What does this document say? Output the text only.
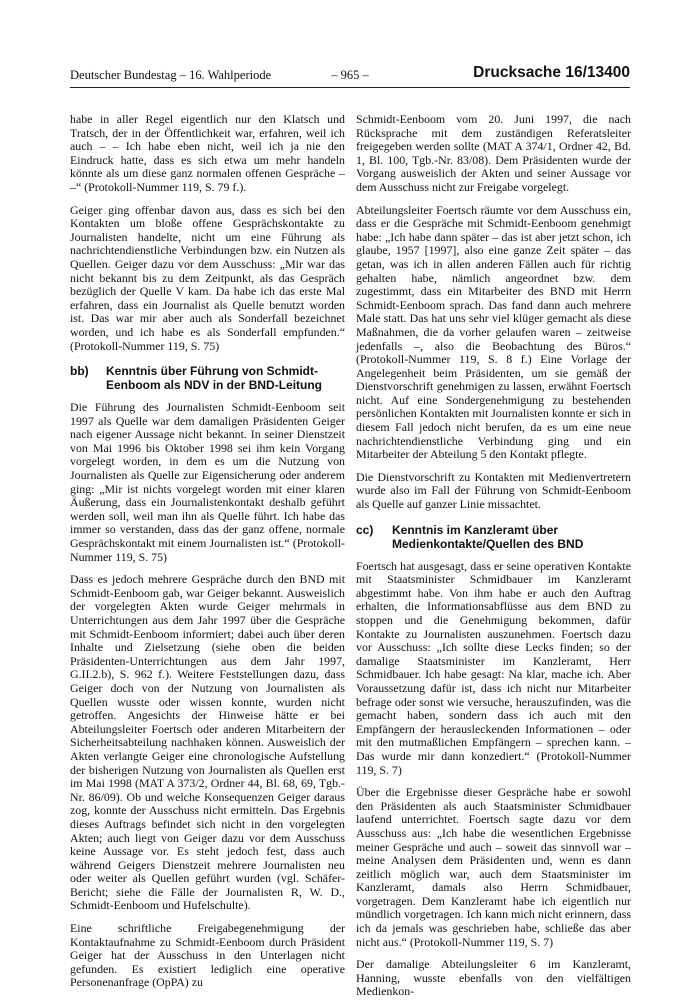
Deutscher Bundestag – 16. Wahlperiode	– 965 –	Drucksache 16/13400

habe in aller Regel eigentlich nur den Klatsch und Tratsch, der in der Öffentlichkeit war, erfahren, weil ich auch – – Ich habe eben nicht, weil ich ja nie den Eindruck hatte, dass es sich etwa um mehr handeln könnte als um diese ganz normalen offenen Gespräche – –“ (Protokoll-Nummer 119, S. 79 f.).

Geiger ging offenbar davon aus, dass es sich bei den Kontakten um bloße offene Gesprächskontakte zu Journalisten handelte, nicht um eine Führung als nachrichtendienstliche Verbindungen bzw. ein Nutzen als Quellen. Geiger dazu vor dem Ausschuss: „Mir war das nicht bekannt bis zu dem Zeitpunkt, als das Gespräch bezüglich der Quelle V kam. Da habe ich das erste Mal erfahren, dass ein Journalist als Quelle benutzt worden ist. Das war mir aber auch als Sonderfall bezeichnet worden, und ich habe es als Sonderfall empfunden.“ (Protokoll-Nummer 119, S. 75)

bb)	Kenntnis über Führung von Schmidt-Eenboom als NDV in der BND-Leitung

Die Führung des Journalisten Schmidt-Eenboom seit 1997 als Quelle war dem damaligen Präsidenten Geiger nach eigener Aussage nicht bekannt. In seiner Dienstzeit von Mai 1996 bis Oktober 1998 sei ihm kein Vorgang vorgelegt worden, in dem es um die Nutzung von Journalisten als Quelle zur Eigensicherung oder anderem ging: „Mir ist nichts vorgelegt worden mit einer klaren Äußerung, dass ein Journalistenkontakt deshalb geführt werden soll, weil man ihn als Quelle führt. Ich habe das immer so verstanden, dass das der ganz offene, normale Gesprächskontakt mit einem Journalisten ist.“ (Protokoll-Nummer 119, S. 75)

Dass es jedoch mehrere Gespräche durch den BND mit Schmidt-Eenboom gab, war Geiger bekannt. Ausweislich der vorgelegten Akten wurde Geiger mehrmals in Unterrichtungen aus dem Jahr 1997 über die Gespräche mit Schmidt-Eenboom informiert; dabei auch über deren Inhalte und Zielsetzung (siehe oben die beiden Präsidenten-Unterrichtungen aus dem Jahr 1997, G.II.2.b), S. 962 f.). Weitere Feststellungen dazu, dass Geiger doch von der Nutzung von Journalisten als Quellen wusste oder wissen konnte, wurden nicht getroffen. Angesichts der Hinweise hätte er bei Abteilungsleiter Foertsch oder anderen Mitarbeitern der Sicherheitsabteilung nachhaken können. Ausweislich der Akten verlangte Geiger eine chronologische Aufstellung der bisherigen Nutzung von Journalisten als Quellen erst im Mai 1998 (MAT A 373/2, Ordner 44, Bl. 68, 69, Tgb.-Nr. 86/09). Ob und welche Konsequenzen Geiger daraus zog, konnte der Ausschuss nicht ermitteln. Das Ergebnis dieses Auftrags befindet sich nicht in den vorgelegten Akten; auch liegt von Geiger dazu vor dem Ausschuss keine Aussage vor. Es steht jedoch fest, dass auch während Geigers Dienstzeit mehrere Journalisten neu oder weiter als Quellen geführt wurden (vgl. Schäfer-Bericht; siehe die Fälle der Journalisten R, W. D., Schmidt-Eenboom und Hufelschulte).

Eine schriftliche Freigabegenehmigung der Kontaktaufnahme zu Schmidt-Eenboom durch Präsident Geiger hat der Ausschuss in den Unterlagen nicht gefunden. Es existiert lediglich eine operative Personenanfrage (OpPA) zu

Schmidt-Eenboom vom 20. Juni 1997, die nach Rücksprache mit dem zuständigen Referatsleiter freigegeben werden sollte (MAT A 374/1, Ordner 42, Bd. 1, Bl. 100, Tgb.-Nr. 83/08). Dem Präsidenten wurde der Vorgang ausweislich der Akten und seiner Aussage vor dem Ausschuss nicht zur Freigabe vorgelegt.

Abteilungsleiter Foertsch räumte vor dem Ausschuss ein, dass er die Gespräche mit Schmidt-Eenboom genehmigt habe: „Ich habe dann später – das ist aber jetzt schon, ich glaube, 1957 [1997], also eine ganze Zeit später – das getan, was ich in allen anderen Fällen auch für richtig gehalten habe, nämlich angeordnet bzw. dem zugestimmt, dass ein Mitarbeiter des BND mit Herrn Schmidt-Eenboom sprach. Das fand dann auch mehrere Male statt. Das hat uns sehr viel klüger gemacht als diese Maßnahmen, die da vorher gelaufen waren – zeitweise jedenfalls –, also die Beobachtung des Büros.“ (Protokoll-Nummer 119, S. 8 f.) Eine Vorlage der Angelegenheit beim Präsidenten, um sie gemäß der Dienstvorschrift genehmigen zu lassen, erwähnt Foertsch nicht. Auf eine Sondergenehmigung zu bestehenden persönlichen Kontakten mit Journalisten konnte er sich in diesem Fall jedoch nicht berufen, da es um eine neue nachrichtendienstliche Verbindung ging und ein Mitarbeiter der Abteilung 5 den Kontakt pflegte.

Die Dienstvorschrift zu Kontakten mit Medienvertretern wurde also im Fall der Führung von Schmidt-Eenboom als Quelle auf ganzer Linie missachtet.

cc)	Kenntnis im Kanzleramt über Medienkontakte/Quellen des BND

Foertsch hat ausgesagt, dass er seine operativen Kontakte mit Staatsminister Schmidbauer im Kanzleramt abgestimmt habe. Von ihm habe er auch den Auftrag erhalten, die Informationsabflüsse aus dem BND zu stoppen und die Genehmigung bekommen, dafür Kontakte zu Journalisten auszunehmen. Foertsch dazu vor Ausschuss: „Ich sollte diese Lecks finden; so der damalige Staatsminister im Kanzleramt, Herr Schmidbauer. Ich habe gesagt: Na klar, mache ich. Aber Voraussetzung dafür ist, dass ich nicht nur Mitarbeiter befrage oder sonst wie versuche, herauszufinden, was die gemacht haben, sondern dass ich auch mit den Empfängern der herausleckenden Informationen – oder mit den mutmaßlichen Empfängern – sprechen kann. – Das wurde mir dann konzediert.“ (Protokoll-Nummer 119, S. 7)

Über die Ergebnisse dieser Gespräche habe er sowohl den Präsidenten als auch Staatsminister Schmidbauer laufend unterrichtet. Foertsch sagte dazu vor dem Ausschuss aus: „Ich habe die wesentlichen Ergebnisse meiner Gespräche und auch – soweit das sinnvoll war – meine Analysen dem Präsidenten und, wenn es dann zeitlich möglich war, auch dem Staatsminister im Kanzleramt, damals also Herrn Schmidbauer, vorgetragen. Dem Kanzleramt habe ich eigentlich nur mündlich vorgetragen. Ich kann mich nicht erinnern, dass ich da jemals was geschrieben habe, schließe das aber nicht aus.“ (Protokoll-Nummer 119, S. 7)

Der damalige Abteilungsleiter 6 im Kanzleramt, Hanning, wusste ebenfalls von den vielfältigen Medienkon-
